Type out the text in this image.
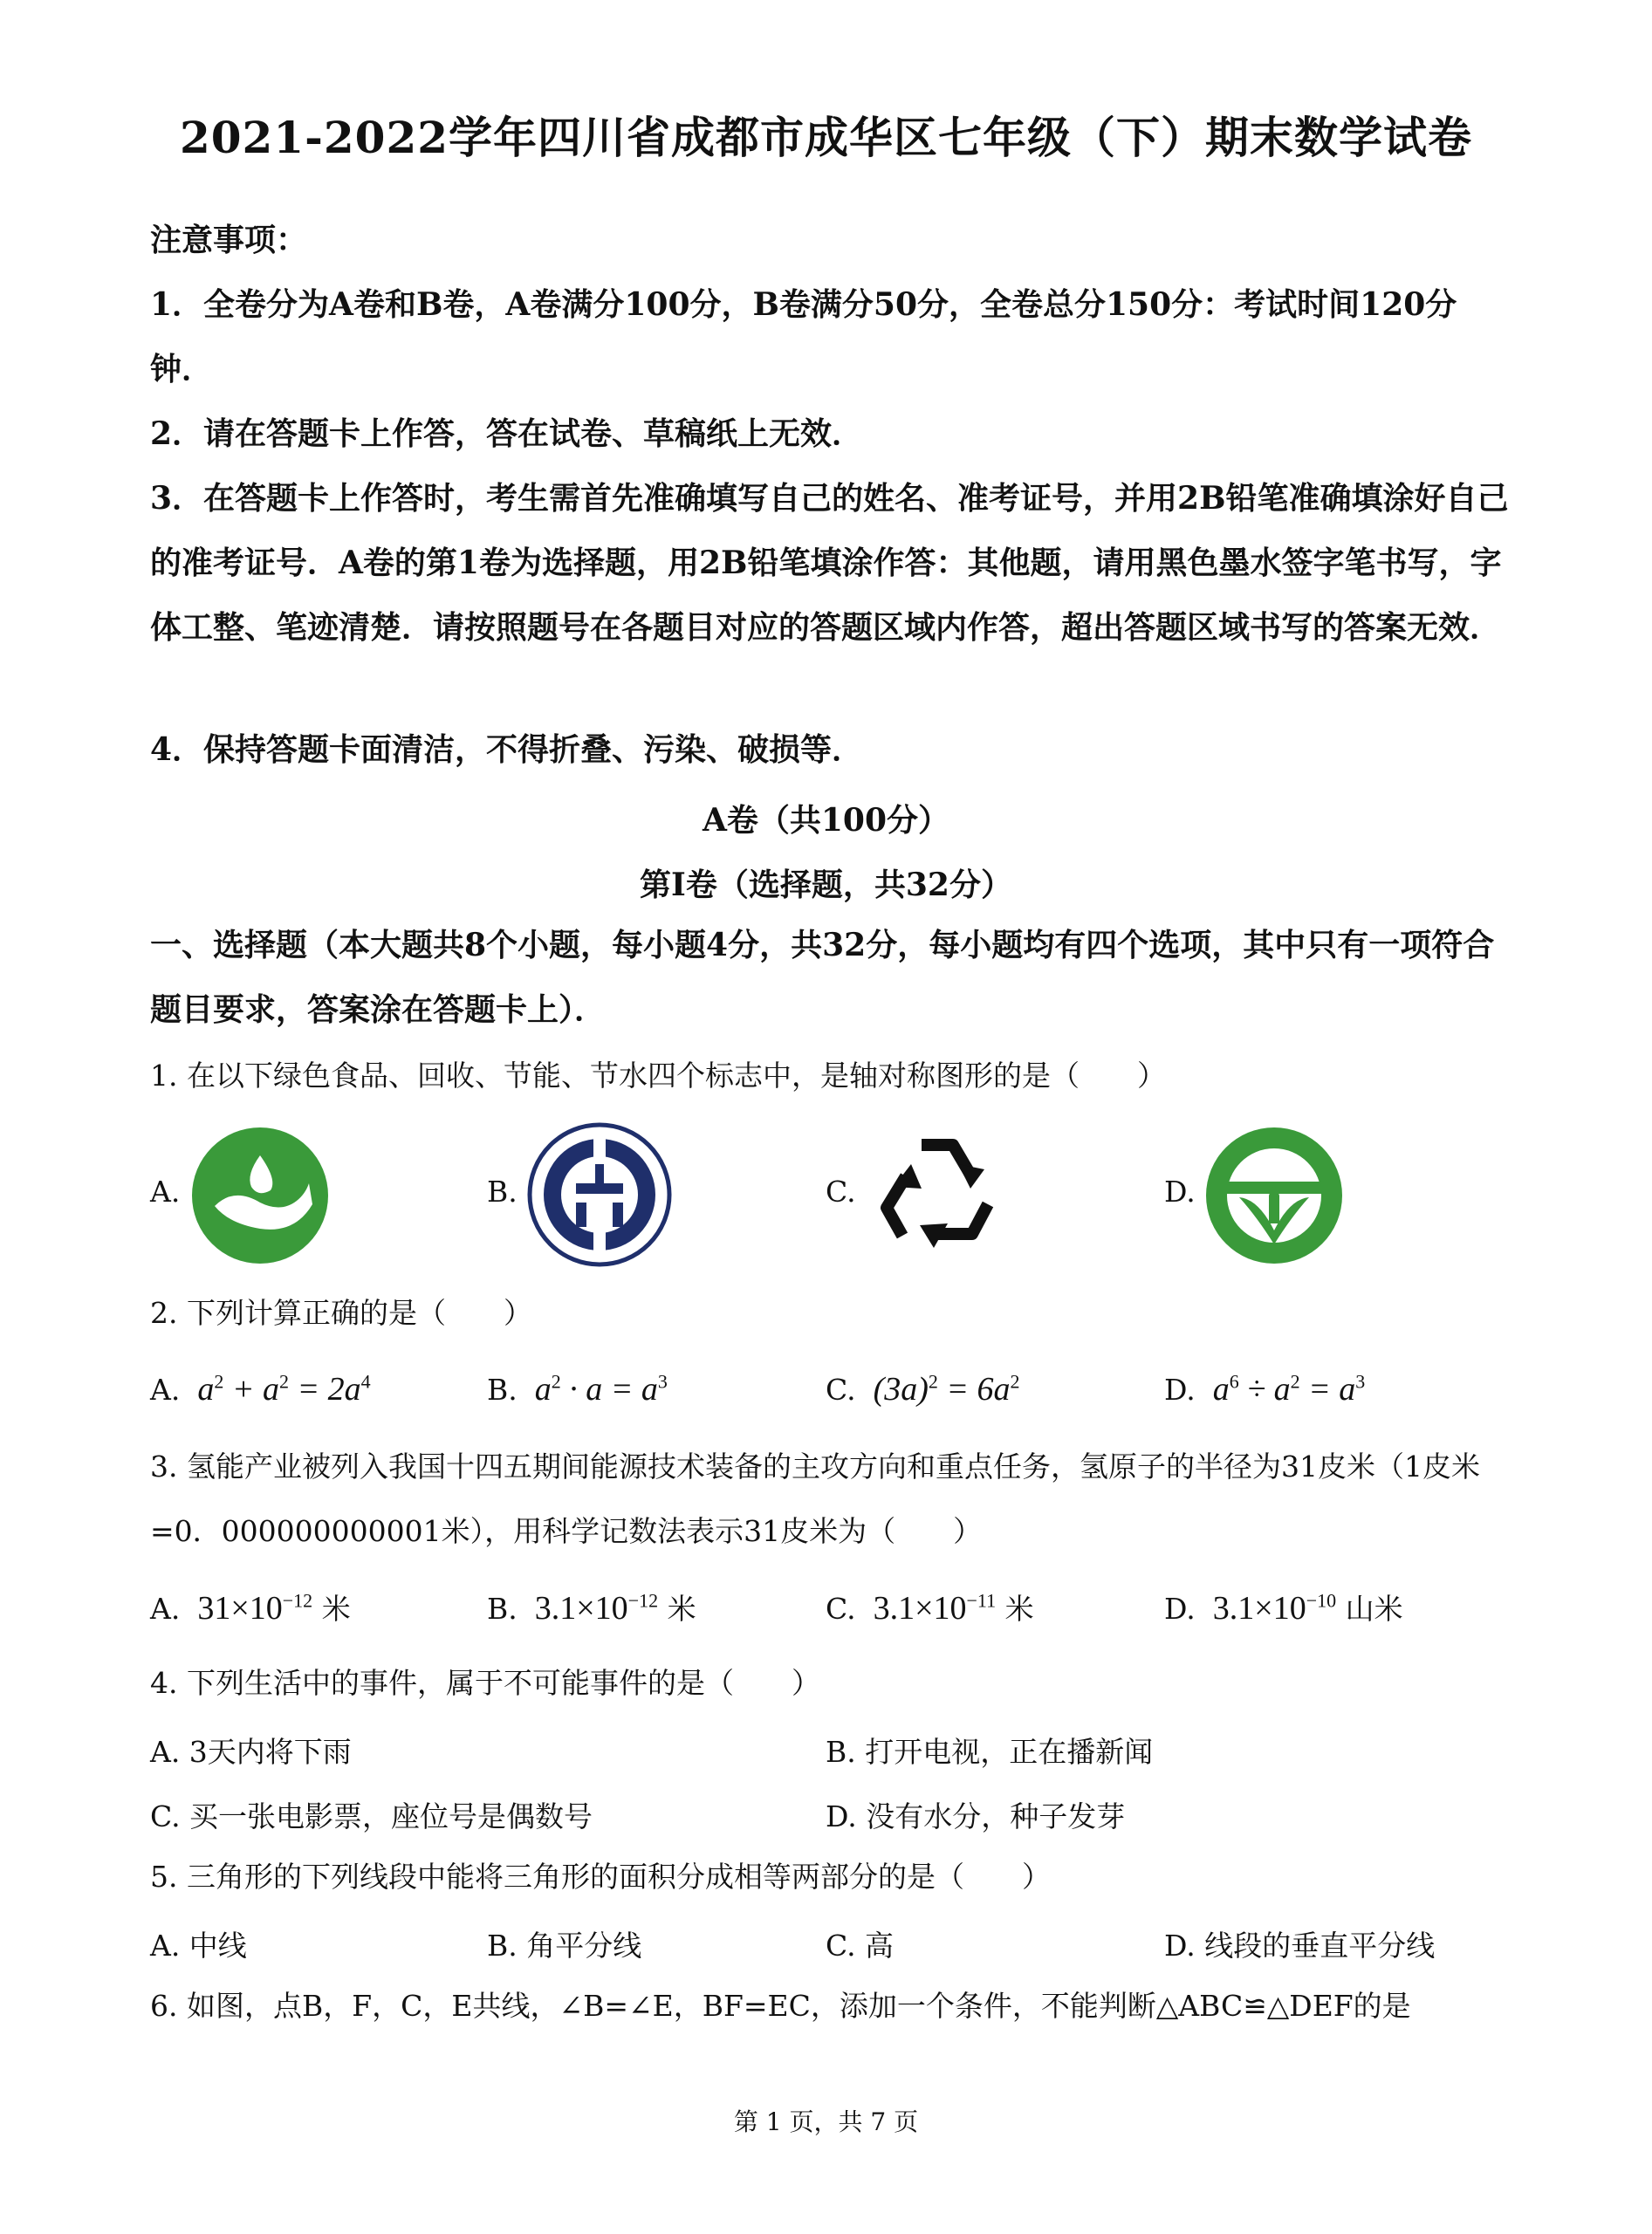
2021-2022学年四川省成都市成华区七年级（下）期末数学试卷
注意事项：
1．全卷分为A卷和B卷，A卷满分100分，B卷满分50分，全卷总分150分：考试时间120分钟．
2．请在答题卡上作答，答在试卷、草稿纸上无效．
3．在答题卡上作答时，考生需首先准确填写自己的姓名、准考证号，并用2B铅笔准确填涂好自己的准考证号．A卷的第1卷为选择题，用2B铅笔填涂作答：其他题，请用黑色墨水签字笔书写，字体工整、笔迹清楚．请按照题号在各题目对应的答题区域内作答，超出答题区域书写的答案无效．
4．保持答题卡面清洁，不得折叠、污染、破损等．
A卷（共100分）
第Ⅰ卷（选择题，共32分）
一、选择题（本大题共8个小题，每小题4分，共32分，每小题均有四个选项，其中只有一项符合题目要求，答案涂在答题卡上）．
1. 在以下绿色食品、回收、节能、节水四个标志中，是轴对称图形的是（　　）
A.	B.	C.	D.
2. 下列计算正确的是（　　）
A.  $a^2 + a^2 = 2a^4$	B.  $a^2 \cdot a = a^3$	C.  $(3a)^2 = 6a^2$	D.  $a^6 \div a^2 = a^3$
3. 氢能产业被列入我国十四五期间能源技术装备的主攻方向和重点任务，氢原子的半径为31皮米（1皮米=0．000000000001米），用科学记数法表示31皮米为（　　）
A.  $31\times 10^{-12}$ 米	B.  $3.1\times 10^{-12}$ 米	C.  $3.1\times 10^{-11}$ 米	D.  $3.1\times 10^{-10}$ 山米
4. 下列生活中的事件，属于不可能事件的是（　　）
A. 3天内将下雨	B. 打开电视，正在播新闻
C. 买一张电影票，座位号是偶数号	D. 没有水分，种子发芽
5. 三角形的下列线段中能将三角形的面积分成相等两部分的是（　　）
A. 中线	B. 角平分线	C. 高	D. 线段的垂直平分线
6. 如图，点B，F，C，E共线，∠B=∠E，BF=EC，添加一个条件，不能判断△ABC≌△DEF的是
第 1 页，共 7 页
